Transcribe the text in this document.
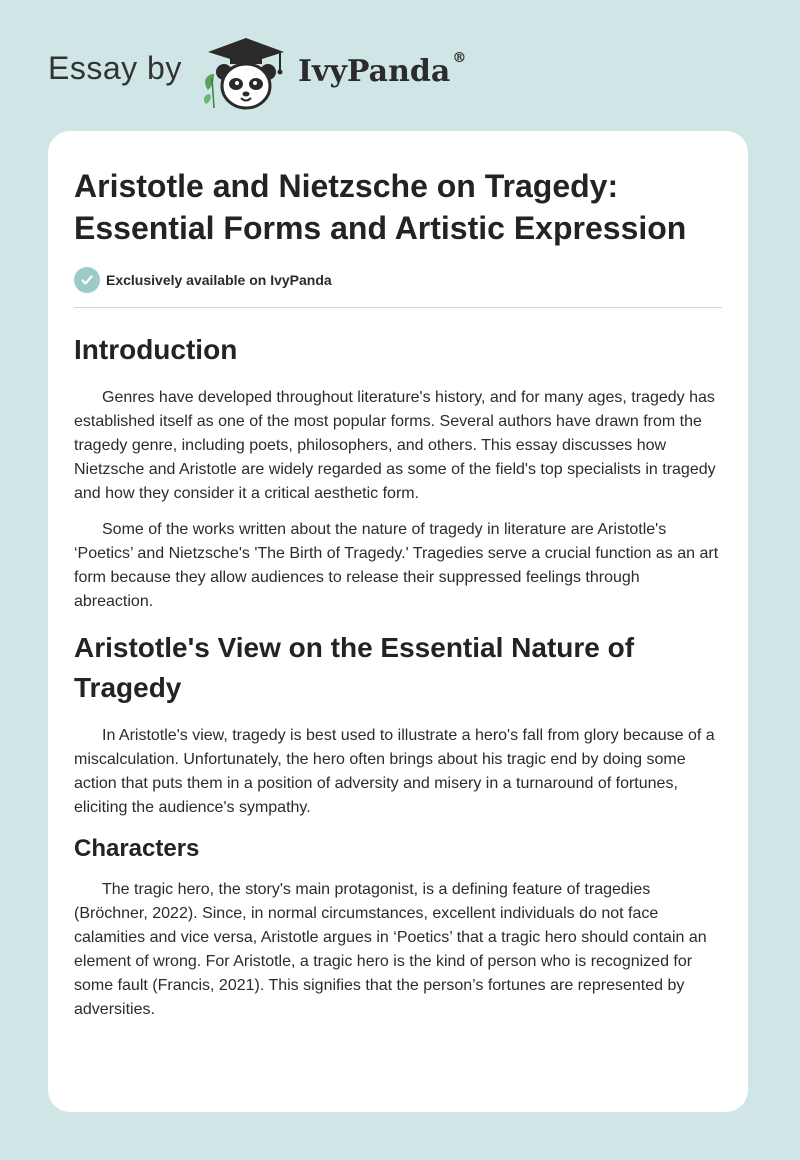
Essay by	IvyPanda ®
Aristotle and Nietzsche on Tragedy: Essential Forms and Artistic Expression
Exclusively available on IvyPanda
Introduction

Genres have developed throughout literature's history, and for many ages, tragedy has established itself as one of the most popular forms. Several authors have drawn from the tragedy genre, including poets, philosophers, and others. This essay discusses how Nietzsche and Aristotle are widely regarded as some of the field's top specialists in tragedy and how they consider it a critical aesthetic form.

Some of the works written about the nature of tragedy in literature are Aristotle's ‘Poetics’ and Nietzsche's 'The Birth of Tragedy.' Tragedies serve a crucial function as an art form because they allow audiences to release their suppressed feelings through abreaction.

Aristotle's View on the Essential Nature of Tragedy

In Aristotle's view, tragedy is best used to illustrate a hero's fall from glory because of a miscalculation. Unfortunately, the hero often brings about his tragic end by doing some action that puts them in a position of adversity and misery in a turnaround of fortunes, eliciting the audience's sympathy.

Characters

The tragic hero, the story's main protagonist, is a defining feature of tragedies (Bröchner, 2022). Since, in normal circumstances, excellent individuals do not face calamities and vice versa, Aristotle argues in ‘Poetics’ that a tragic hero should contain an element of wrong. For Aristotle, a tragic hero is the kind of person who is recognized for some fault (Francis, 2021). This signifies that the person’s fortunes are represented by adversities.
